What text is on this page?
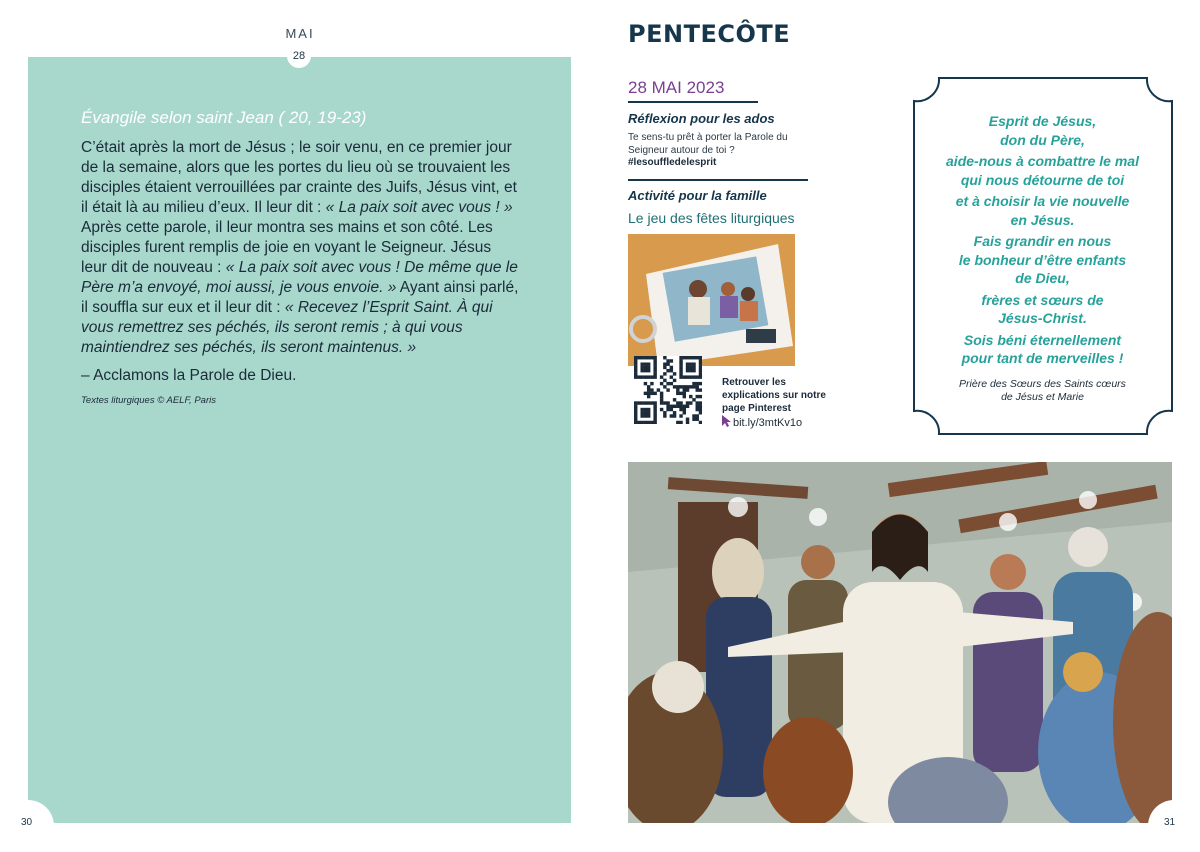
MAI
28
Évangile selon saint Jean ( 20, 19-23)
C’était après la mort de Jésus ; le soir venu, en ce premier jour de la semaine, alors que les portes du lieu où se trouvaient les disciples étaient verrouillées par crainte des Juifs, Jésus vint, et il était là au milieu d’eux. Il leur dit : « La paix soit avec vous ! » Après cette parole, il leur montra ses mains et son côté. Les disciples furent remplis de joie en voyant le Seigneur. Jésus leur dit de nouveau : « La paix soit avec vous ! De même que le Père m’a envoyé, moi aussi, je vous envoie. » Ayant ainsi parlé, il souffla sur eux et il leur dit : « Recevez l’Esprit Saint. À qui vous remettrez ses péchés, ils seront remis ; à qui vous maintiendrez ses péchés, ils seront maintenus. »
– Acclamons la Parole de Dieu.
Textes liturgiques © AELF, Paris
30
PENTECÔTE
28 MAI 2023
Réflexion pour les ados
Te sens-tu prêt à porter la Parole du Seigneur autour de toi ?
#lesouffledelesprit
Activité pour la famille
Le jeu des fêtes liturgiques
Retrouver les explications sur notre page Pinterest
bit.ly/3mtKv1o
Esprit de Jésus,
don du Père,
aide-nous à combattre le mal
qui nous détourne de toi
et à choisir la vie nouvelle
en Jésus.
Fais grandir en nous
le bonheur d’être enfants
de Dieu,
frères et sœurs de
Jésus-Christ.
Sois béni éternellement
pour tant de merveilles !
Prière des Sœurs des Saints cœurs
de Jésus et Marie
31
